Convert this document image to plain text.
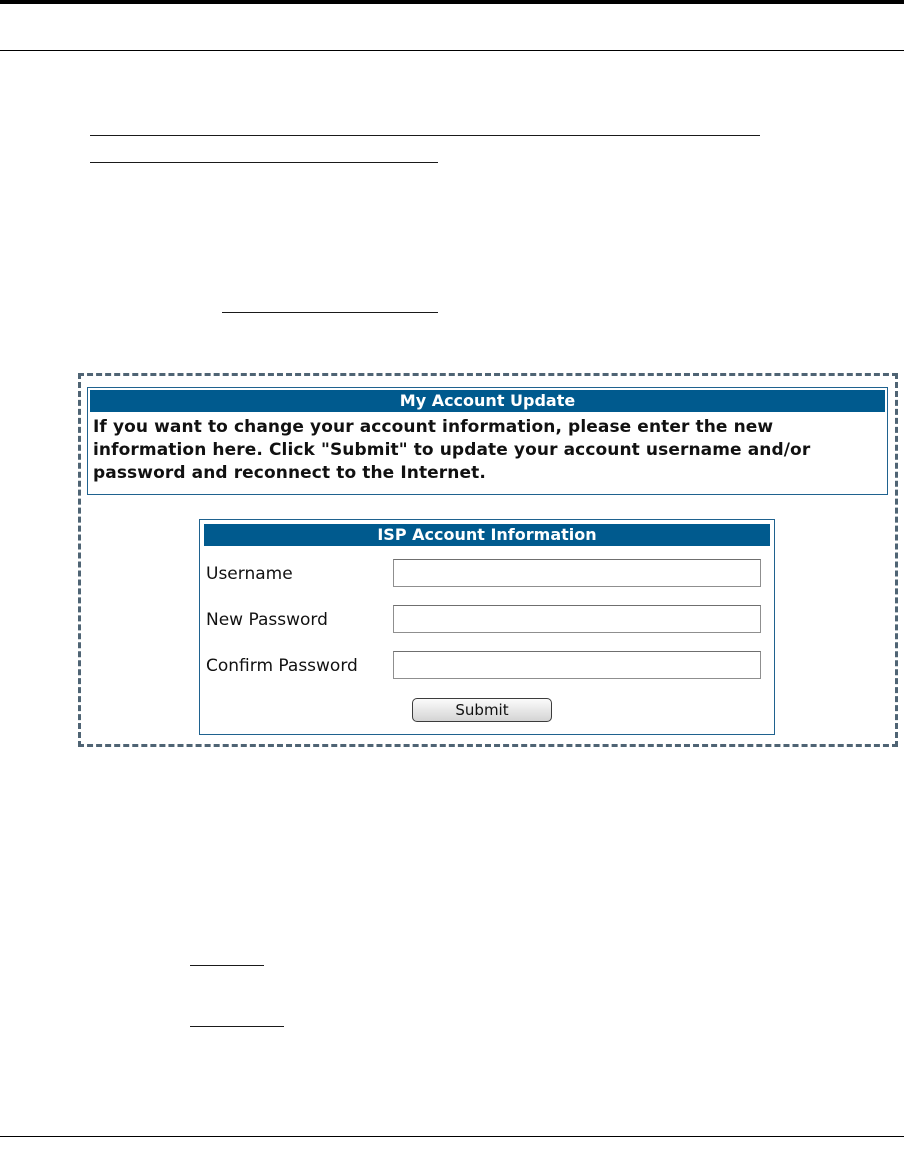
My Account Update
If you want to change your account information, please enter the new information here. Click "Submit" to update your account username and/or password and reconnect to the Internet.
ISP Account Information
Username
New Password
Confirm Password
Submit
